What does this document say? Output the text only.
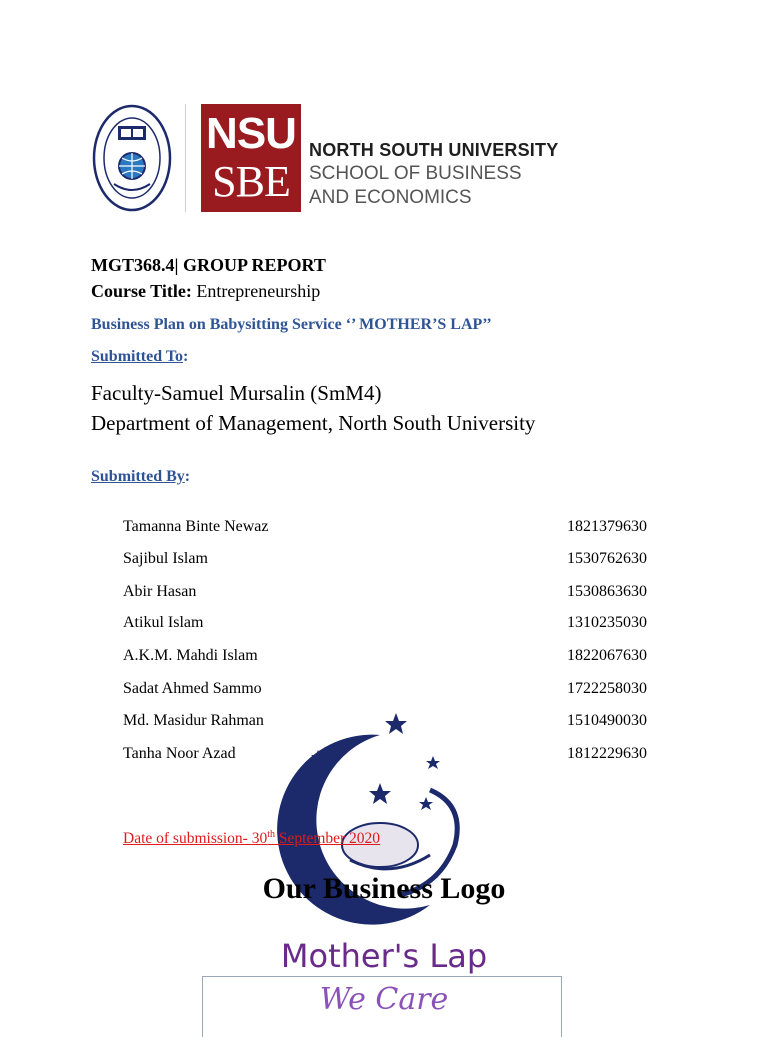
NSU
SBE
NORTH SOUTH UNIVERSITY
SCHOOL OF BUSINESS
AND ECONOMICS
MGT368.4| GROUP REPORT
Course Title: Entrepreneurship
Business Plan on Babysitting Service ‘’ MOTHER’S LAP’’
Submitted To:
Faculty-Samuel Mursalin (SmM4)
Department of Management, North South University
Submitted By:
Tamanna Binte Newaz	1821379630
Sajibul Islam	1530762630
Abir Hasan	1530863630
Atikul Islam	1310235030
A.K.M. Mahdi Islam	1822067630
Sadat Ahmed Sammo	1722258030
Md. Masidur Rahman	1510490030
Tanha Noor Azad	1812229630
Date of submission- 30th September 2020
Our Business Logo
Mother's Lap
We Care
